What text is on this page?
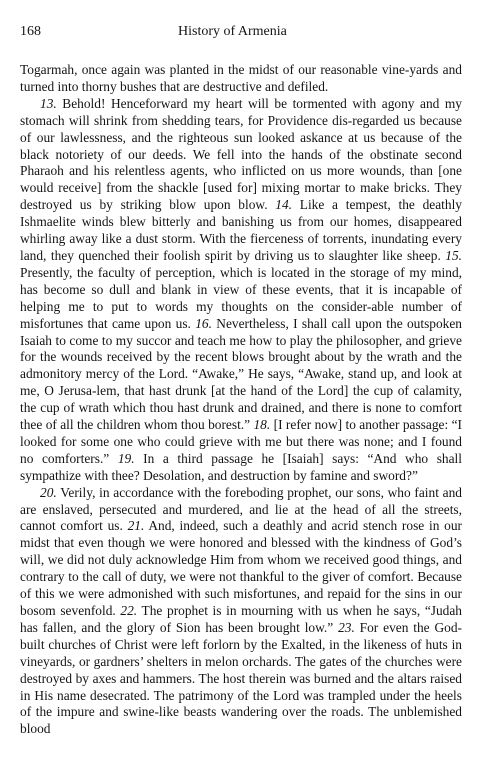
168	History of Armenia

Togarmah, once again was planted in the midst of our reasonable vine-yards and turned into thorny bushes that are destructive and defiled.

13. Behold! Henceforward my heart will be tormented with agony and my stomach will shrink from shedding tears, for Providence dis-regarded us because of our lawlessness, and the righteous sun looked askance at us because of the black notoriety of our deeds. We fell into the hands of the obstinate second Pharaoh and his relentless agents, who inflicted on us more wounds, than [one would receive] from the shackle [used for] mixing mortar to make bricks. They destroyed us by striking blow upon blow. 14. Like a tempest, the deathly Ishmaelite winds blew bitterly and banishing us from our homes, disappeared whirling away like a dust storm. With the fierceness of torrents, inundating every land, they quenched their foolish spirit by driving us to slaughter like sheep. 15. Presently, the faculty of perception, which is located in the storage of my mind, has become so dull and blank in view of these events, that it is incapable of helping me to put to words my thoughts on the consider-able number of misfortunes that came upon us. 16. Nevertheless, I shall call upon the outspoken Isaiah to come to my succor and teach me how to play the philosopher, and grieve for the wounds received by the recent blows brought about by the wrath and the admonitory mercy of the Lord. “Awake,” He says, “Awake, stand up, and look at me, O Jerusa-lem, that hast drunk [at the hand of the Lord] the cup of calamity, the cup of wrath which thou hast drunk and drained, and there is none to comfort thee of all the children whom thou borest.” 18. [I refer now] to another passage: “I looked for some one who could grieve with me but there was none; and I found no comforters.” 19. In a third passage he [Isaiah] says: “And who shall sympathize with thee? Desolation, and destruction by famine and sword?”

20. Verily, in accordance with the foreboding prophet, our sons, who faint and are enslaved, persecuted and murdered, and lie at the head of all the streets, cannot comfort us. 21. And, indeed, such a deathly and acrid stench rose in our midst that even though we were honored and blessed with the kindness of God’s will, we did not duly acknowledge Him from whom we received good things, and contrary to the call of duty, we were not thankful to the giver of comfort. Because of this we were admonished with such misfortunes, and repaid for the sins in our bosom sevenfold. 22. The prophet is in mourning with us when he says, “Judah has fallen, and the glory of Sion has been brought low.” 23. For even the God-built churches of Christ were left forlorn by the Exalted, in the likeness of huts in vineyards, or gardners’ shelters in melon orchards. The gates of the churches were destroyed by axes and hammers. The host therein was burned and the altars raised in His name desecrated. The patrimony of the Lord was trampled under the heels of the impure and swine-like beasts wandering over the roads. The unblemished blood
